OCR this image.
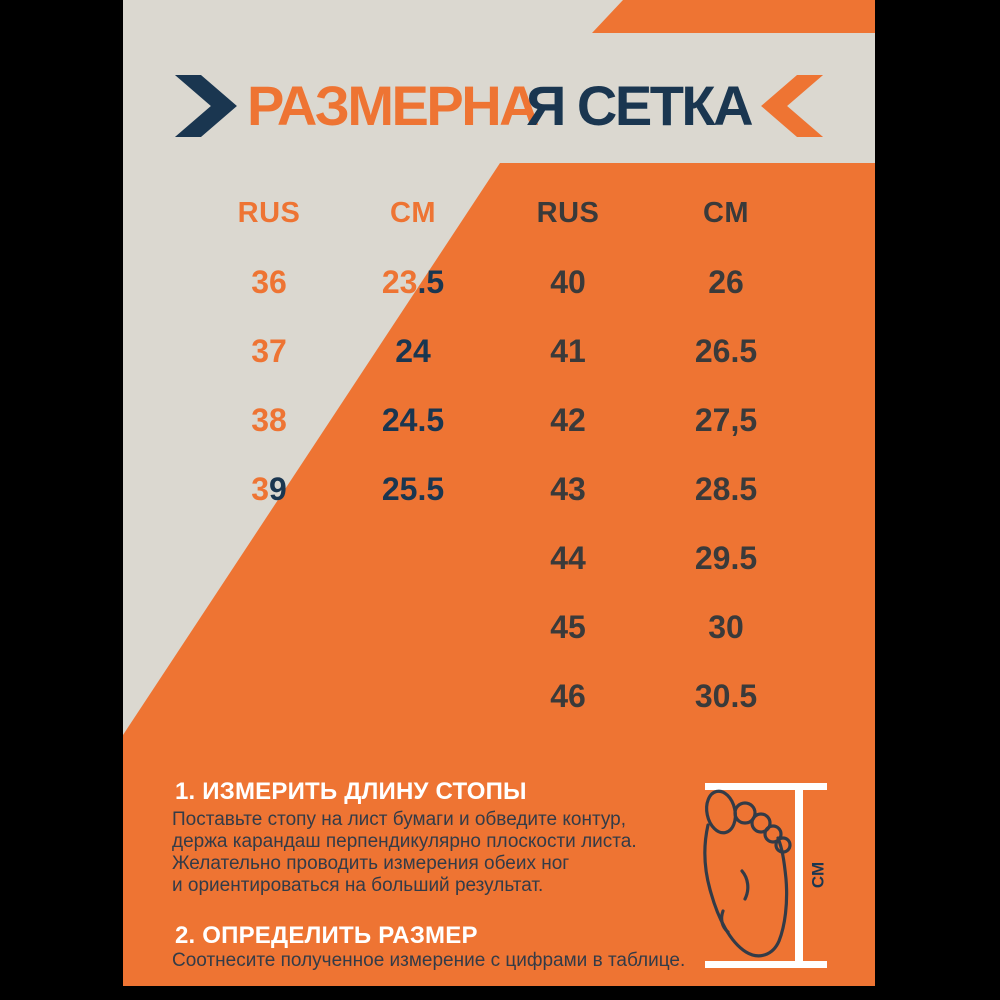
РАЗМЕРНАЯ СЕТКА
RUS
36
37
38
3 9
CM
23 .5
24
24.5
25.5
RUS
40
41
42
43
44
45
46
CM
26
26.5
27,5
28.5
29.5
30
30.5
1. ИЗМЕРИТЬ ДЛИНУ СТОПЫ
Поставьте стопу на лист бумаги и обведите контур,
держа карандаш перпендикулярно плоскости листа.
Желательно проводить измерения обеих ног
и ориентироваться на больший результат.
2. ОПРЕДЕЛИТЬ РАЗМЕР
Соотнесите полученное измерение с цифрами в таблице.
СМ
